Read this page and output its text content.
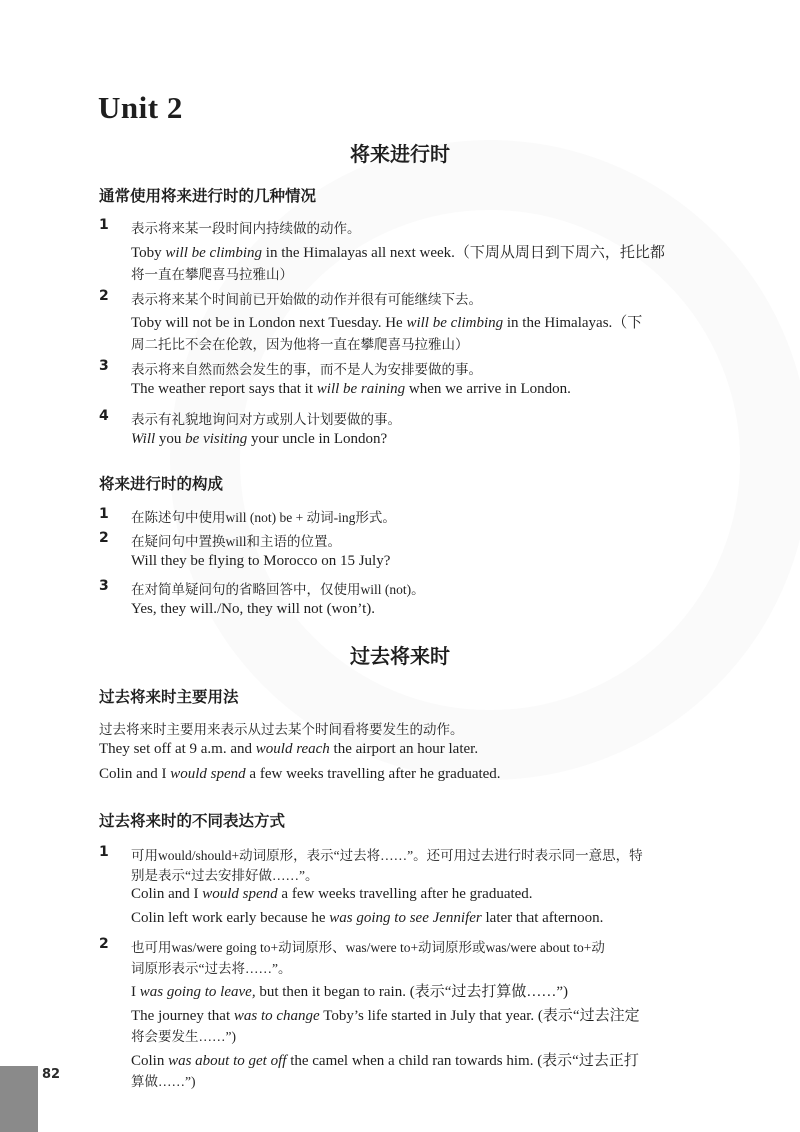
Unit 2
将来进行时
通常使用将来进行时的几种情况
1 表示将来某一段时间内持续做的动作。
Toby will be climbing in the Himalayas all next week.（下周从周日到下周六，托比都
将一直在攀爬喜马拉雅山）
2 表示将来某个时间前已开始做的动作并很有可能继续下去。
Toby will not be in London next Tuesday. He will be climbing in the Himalayas.（下
周二托比不会在伦敦，因为他将一直在攀爬喜马拉雅山）
3 表示将来自然而然会发生的事，而不是人为安排要做的事。
The weather report says that it will be raining when we arrive in London.
4 表示有礼貌地询问对方或别人计划要做的事。
Will you be visiting your uncle in London?
将来进行时的构成
1 在陈述句中使用will (not) be + 动词-ing形式。
2 在疑问句中置换will和主语的位置。
Will they be flying to Morocco on 15 July?
3 在对简单疑问句的省略回答中，仅使用will (not)。
Yes, they will./No, they will not (won’t).
过去将来时
过去将来时主要用法
过去将来时主要用来表示从过去某个时间看将要发生的动作。
They set off at 9 a.m. and would reach the airport an hour later.
Colin and I would spend a few weeks travelling after he graduated.
过去将来时的不同表达方式
1 可用would/should+动词原形，表示“过去将……”。还可用过去进行时表示同一意思，特
别是表示“过去安排好做……”。
Colin and I would spend a few weeks travelling after he graduated.
Colin left work early because he was going to see Jennifer later that afternoon.
2 也可用was/were going to+动词原形、was/were to+动词原形或was/were about to+动
词原形表示“过去将……”。
I was going to leave, but then it began to rain. (表示“过去打算做……”)
The journey that was to change Toby’s life started in July that year. (表示“过去注定
将会要发生……”)
Colin was about to get off the camel when a child ran towards him. (表示“过去正打
算做……”)
82
